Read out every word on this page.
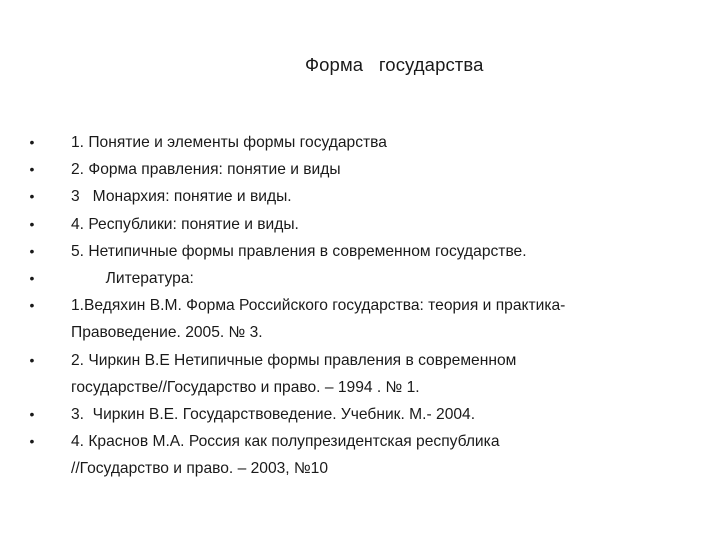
Форма   государства
• 1. Понятие и элементы формы государства
• 2. Форма правления: понятие и виды
• 3   Монархия: понятие и виды.
• 4. Республики: понятие и виды.
• 5. Нетипичные формы правления в современном государстве.
• Литература:
• 1.Ведяхин В.М. Форма Российского государства: теория и практика-
Правоведение. 2005. № 3.
• 2. Чиркин В.Е Нетипичные формы правления в современном
государстве//Государство и право. – 1994 . № 1.
• 3.  Чиркин В.Е. Государствоведение. Учебник. М.- 2004.
• 4. Краснов М.А. Россия как полупрезидентская республика
//Государство и право. – 2003, №10
